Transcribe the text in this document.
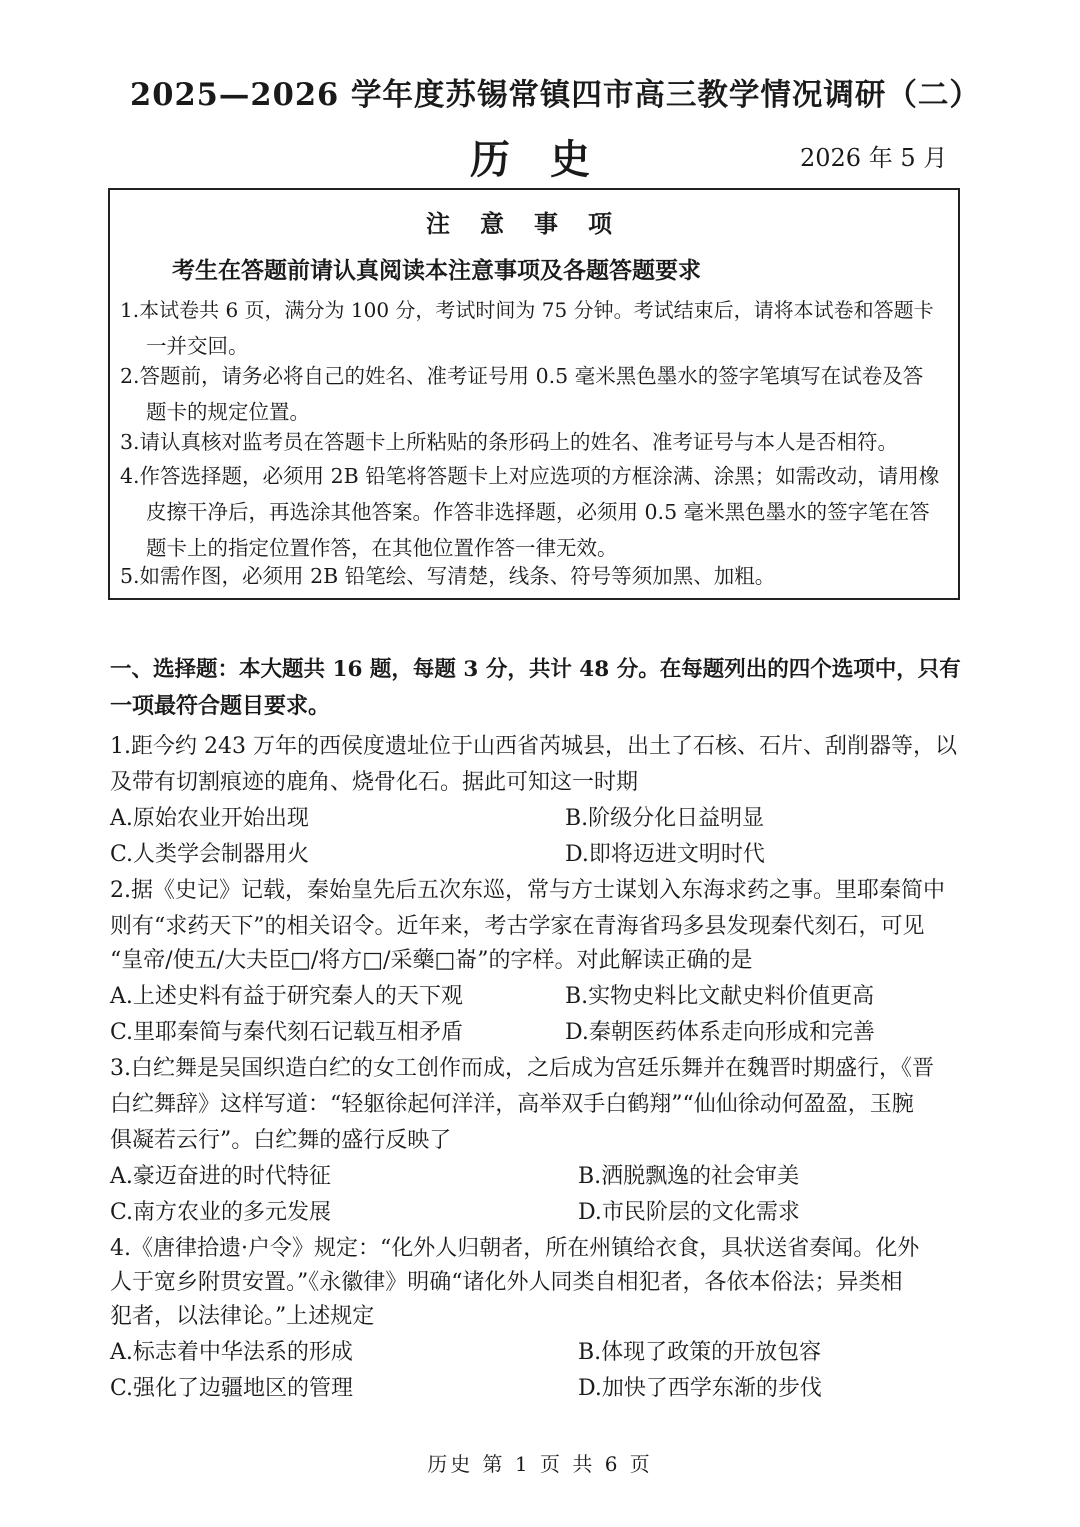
2025—2026 学年度苏锡常镇四市高三教学情况调研（二）
历史	2026 年 5 月
注意事项
考生在答题前请认真阅读本注意事项及各题答题要求
1.本试卷共 6 页，满分为 100 分，考试时间为 75 分钟。考试结束后，请将本试卷和答题卡
一并交回。
2.答题前，请务必将自己的姓名、准考证号用 0.5 毫米黑色墨水的签字笔填写在试卷及答
题卡的规定位置。
3.请认真核对监考员在答题卡上所粘贴的条形码上的姓名、准考证号与本人是否相符。
4.作答选择题，必须用 2B 铅笔将答题卡上对应选项的方框涂满、涂黑；如需改动，请用橡
皮擦干净后，再选涂其他答案。作答非选择题，必须用 0.5 毫米黑色墨水的签字笔在答
题卡上的指定位置作答，在其他位置作答一律无效。
5.如需作图，必须用 2B 铅笔绘、写清楚，线条、符号等须加黑、加粗。
一、选择题：本大题共 16 题，每题 3 分，共计 48 分。在每题列出的四个选项中，只有
一项最符合题目要求。
1.距今约 243 万年的西侯度遗址位于山西省芮城县，出土了石核、石片、刮削器等，以
及带有切割痕迹的鹿角、烧骨化石。据此可知这一时期
A.原始农业开始出现	B.阶级分化日益明显
C.人类学会制器用火	D.即将迈进文明时代
2.据《史记》记载，秦始皇先后五次东巡，常与方士谋划入东海求药之事。里耶秦简中
则有“求药天下”的相关诏令。近年来，考古学家在青海省玛多县发现秦代刻石，可见
“皇帝/使五/大夫臣□/将方□/采藥□崙”的字样。对此解读正确的是
A.上述史料有益于研究秦人的天下观	B.实物史料比文献史料价值更高
C.里耶秦简与秦代刻石记载互相矛盾	D.秦朝医药体系走向形成和完善
3.白纻舞是吴国织造白纻的女工创作而成，之后成为宫廷乐舞并在魏晋时期盛行，《晋
白纻舞辞》这样写道：“轻躯徐起何洋洋，高举双手白鹤翔”“仙仙徐动何盈盈，玉腕
俱凝若云行”。白纻舞的盛行反映了
A.豪迈奋进的时代特征	B.洒脱飘逸的社会审美
C.南方农业的多元发展	D.市民阶层的文化需求
4.《唐律拾遗·户令》规定：“化外人归朝者，所在州镇给衣食，具状送省奏闻。化外
人于宽乡附贯安置。”《永徽律》明确“诸化外人同类自相犯者，各依本俗法；异类相
犯者，以法律论。”上述规定
A.标志着中华法系的形成	B.体现了政策的开放包容
C.强化了边疆地区的管理	D.加快了西学东渐的步伐
历史 第 1 页 共 6 页
